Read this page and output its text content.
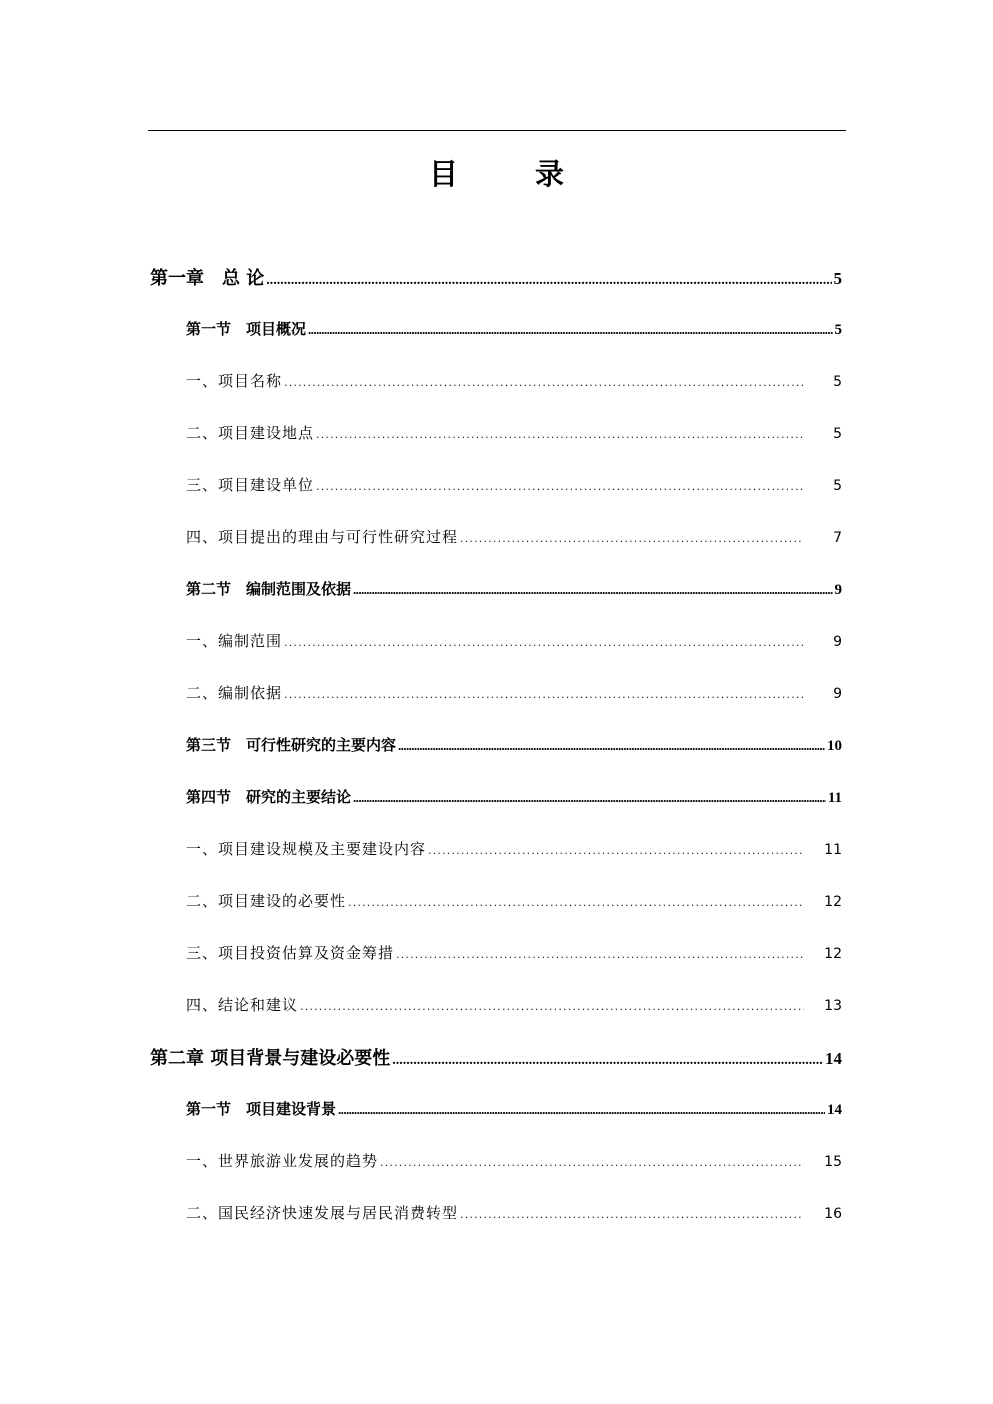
目　录
第一章　总 论 .....	5
第一节　项目概况 .....	5
一、项目名称 .....	5
二、项目建设地点 .....	5
三、项目建设单位 .....	5
四、项目提出的理由与可行性研究过程 .....	7
第二节　编制范围及依据 .....	9
一、编制范围 .....	9
二、编制依据 .....	9
第三节　可行性研究的主要内容 .....	10
第四节　研究的主要结论 .....	11
一、项目建设规模及主要建设内容 .....	11
二、项目建设的必要性 .....	12
三、项目投资估算及资金筹措 .....	12
四、结论和建议 .....	13
第二章 项目背景与建设必要性 .....	14
第一节　项目建设背景 .....	14
一、世界旅游业发展的趋势 .....	15
二、国民经济快速发展与居民消费转型 .....	16
